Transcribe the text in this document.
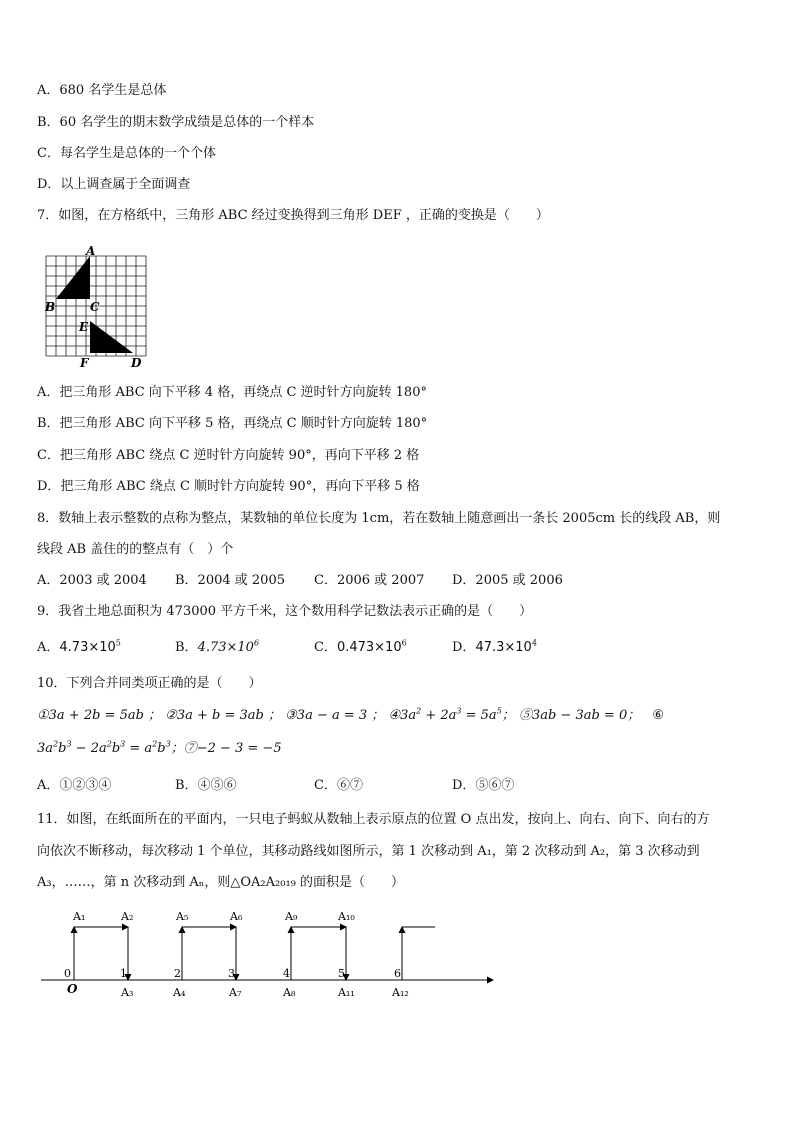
A．680 名学生是总体
B．60 名学生的期末数学成绩是总体的一个样本
C．每名学生是总体的一个个体
D．以上调查属于全面调查
7．如图，在方格纸中，三角形 ABC 经过变换得到三角形 DEF ，正确的变换是（　　）
A
B	C
E
F	D
A．把三角形 ABC 向下平移 4 格，再绕点 C 逆时针方向旋转 180°
B．把三角形 ABC 向下平移 5 格，再绕点 C 顺时针方向旋转 180°
C．把三角形 ABC 绕点 C 逆时针方向旋转 90°，再向下平移 2 格
D．把三角形 ABC 绕点 C 顺时针方向旋转 90°，再向下平移 5 格
8．数轴上表示整数的点称为整点，某数轴的单位长度为 1cm，若在数轴上随意画出一条长 2005cm 长的线段 AB，则
线段 AB 盖住的的整点有（　）个
A．2003 或 2004 B．2004 或 2005 C．2006 或 2007 D．2005 或 2006
9．我省土地总面积为 473000 平方千米，这个数用科学记数法表示正确的是（　　）
A．$4.73\times 10^5$	B．$4.73\times 10^6$	C．$0.473\times 10^6$	D．$47.3\times 10^4$
10．下列合并同类项正确的是（　　）
①3a + 2b = 5ab ； ②3a + b = 3ab ； ③3a − a = 3 ； $④3a^2 + 2a^3 = 5a^5$； ⑤3ab − 3ab = 0； ⑥
$3a^2b^3 - 2a^2b^3 = a^2b^3$；⑦−2 − 3 = −5
A．①②③④	B．④⑤⑥	C．⑥⑦	D．⑤⑥⑦
11．如图，在纸面所在的平面内，一只电子蚂蚁从数轴上表示原点的位置 O 点出发，按向上、向右、向下、向右的方
向依次不断移动，每次移动 1 个单位，其移动路线如图所示，第 1 次移动到 A₁，第 2 次移动到 A₂，第 3 次移动到
A₃，……，第 n 次移动到 Aₙ，则△OA₂A₂₀₁₉ 的面积是（　　）
0	1	2	3	4	5	6
O
A₁	A₂	A₅	A₆	A₉	A₁₀
A₃	A₄	A₇	A₈	A₁₁	A₁₂
